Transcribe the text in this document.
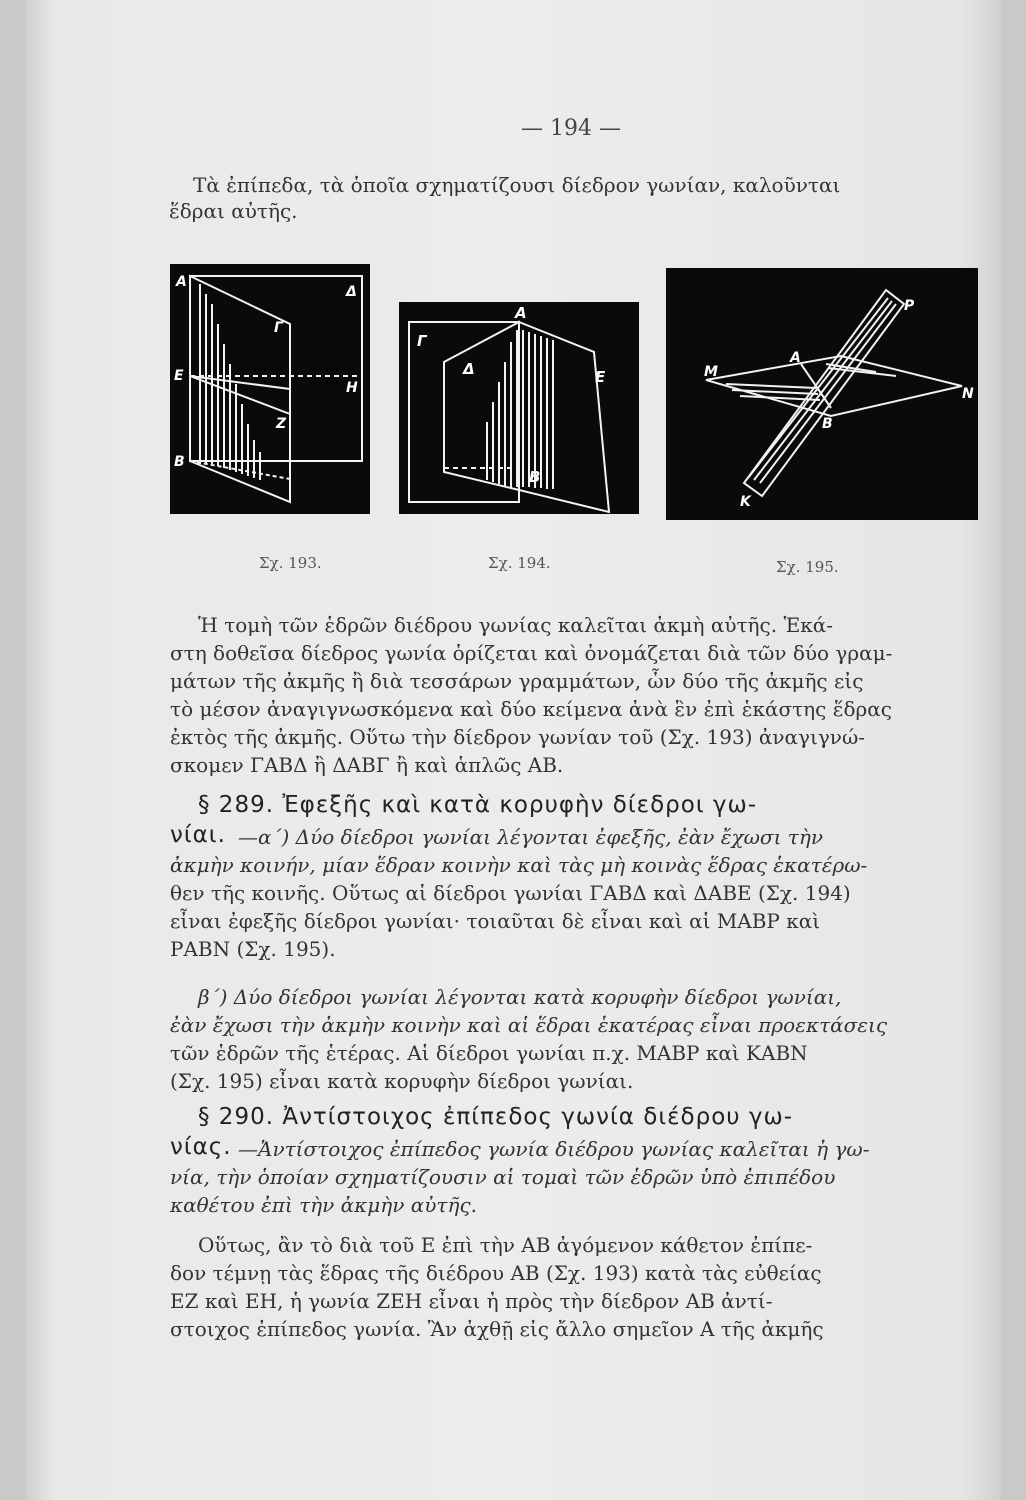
— 194 —
Τὰ ἐπίπεδα, τὰ ὁποῖα σχηματίζουσι δίεδρον γωνίαν, καλοῦνται
ἕδραι αὐτῆς.
Α
Δ
Γ
Ε
Η
Ζ
Β
Σχ. 193.
Γ
Α
Δ	Ε
Β
Σχ. 194.
Ρ
Α
Μ
Ν
Β
Κ
Σχ. 195.
Ἡ τομὴ τῶν ἑδρῶν διέδρου γωνίας καλεῖται ἀκμὴ αὐτῆς. Ἑκά-
στη δοθεῖσα δίεδρος γωνία ὁρίζεται καὶ ὀνομάζεται διὰ τῶν δύο γραμ-
μάτων τῆς ἀκμῆς ἢ διὰ τεσσάρων γραμμάτων, ὧν δύο τῆς ἀκμῆς εἰς
τὸ μέσον ἀναγιγνωσκόμενα καὶ δύο κείμενα ἀνὰ ἓν ἐπὶ ἑκάστης ἕδρας
ἐκτὸς τῆς ἀκμῆς. Οὕτω τὴν δίεδρον γωνίαν τοῦ (Σχ. 193) ἀναγιγνώ-
σκομεν ΓΑΒΔ ἢ ΔΑΒΓ ἢ καὶ ἁπλῶς ΑΒ.
§ 289. Ἐφεξῆς καὶ κατὰ κορυφὴν δίεδροι γω-
νίαι. —α΄) Δύο δίεδροι γωνίαι λέγονται ἐφεξῆς, ἐὰν ἔχωσι τὴν
ἀκμὴν κοινήν, μίαν ἕδραν κοινὴν καὶ τὰς μὴ κοινὰς ἕδρας ἑκατέρω-
θεν τῆς κοινῆς. Οὕτως αἱ δίεδροι γωνίαι ΓΑΒΔ καὶ ΔΑΒΕ (Σχ. 194)
εἶναι ἐφεξῆς δίεδροι γωνίαι· τοιαῦται δὲ εἶναι καὶ αἱ ΜΑΒΡ καὶ
ΡΑΒΝ (Σχ. 195).
β΄) Δύο δίεδροι γωνίαι λέγονται κατὰ κορυφὴν δίεδροι γωνίαι,
ἐὰν ἔχωσι τὴν ἀκμὴν κοινὴν καὶ αἱ ἕδραι ἑκατέρας εἶναι προεκτάσεις
τῶν ἑδρῶν τῆς ἑτέρας. Αἱ δίεδροι γωνίαι π.χ. ΜΑΒΡ καὶ ΚΑΒΝ
(Σχ. 195) εἶναι κατὰ κορυφὴν δίεδροι γωνίαι.
§ 290. Ἀντίστοιχος ἐπίπεδος γωνία διέδρου γω-
νίας. —Ἀντίστοιχος ἐπίπεδος γωνία διέδρου γωνίας καλεῖται ἡ γω-
νία, τὴν ὁποίαν σχηματίζουσιν αἱ τομαὶ τῶν ἑδρῶν ὑπὸ ἐπιπέδου
καθέτου ἐπὶ τὴν ἀκμὴν αὐτῆς.
Οὕτως, ἂν τὸ διὰ τοῦ Ε ἐπὶ τὴν ΑΒ ἀγόμενον κάθετον ἐπίπε-
δον τέμνῃ τὰς ἕδρας τῆς διέδρου ΑΒ (Σχ. 193) κατὰ τὰς εὐθείας
ΕΖ καὶ ΕΗ, ἡ γωνία ΖΕΗ εἶναι ἡ πρὸς τὴν δίεδρον ΑΒ ἀντί-
στοιχος ἐπίπεδος γωνία. Ἂν ἀχθῇ εἰς ἄλλο σημεῖον Α τῆς ἀκμῆς
